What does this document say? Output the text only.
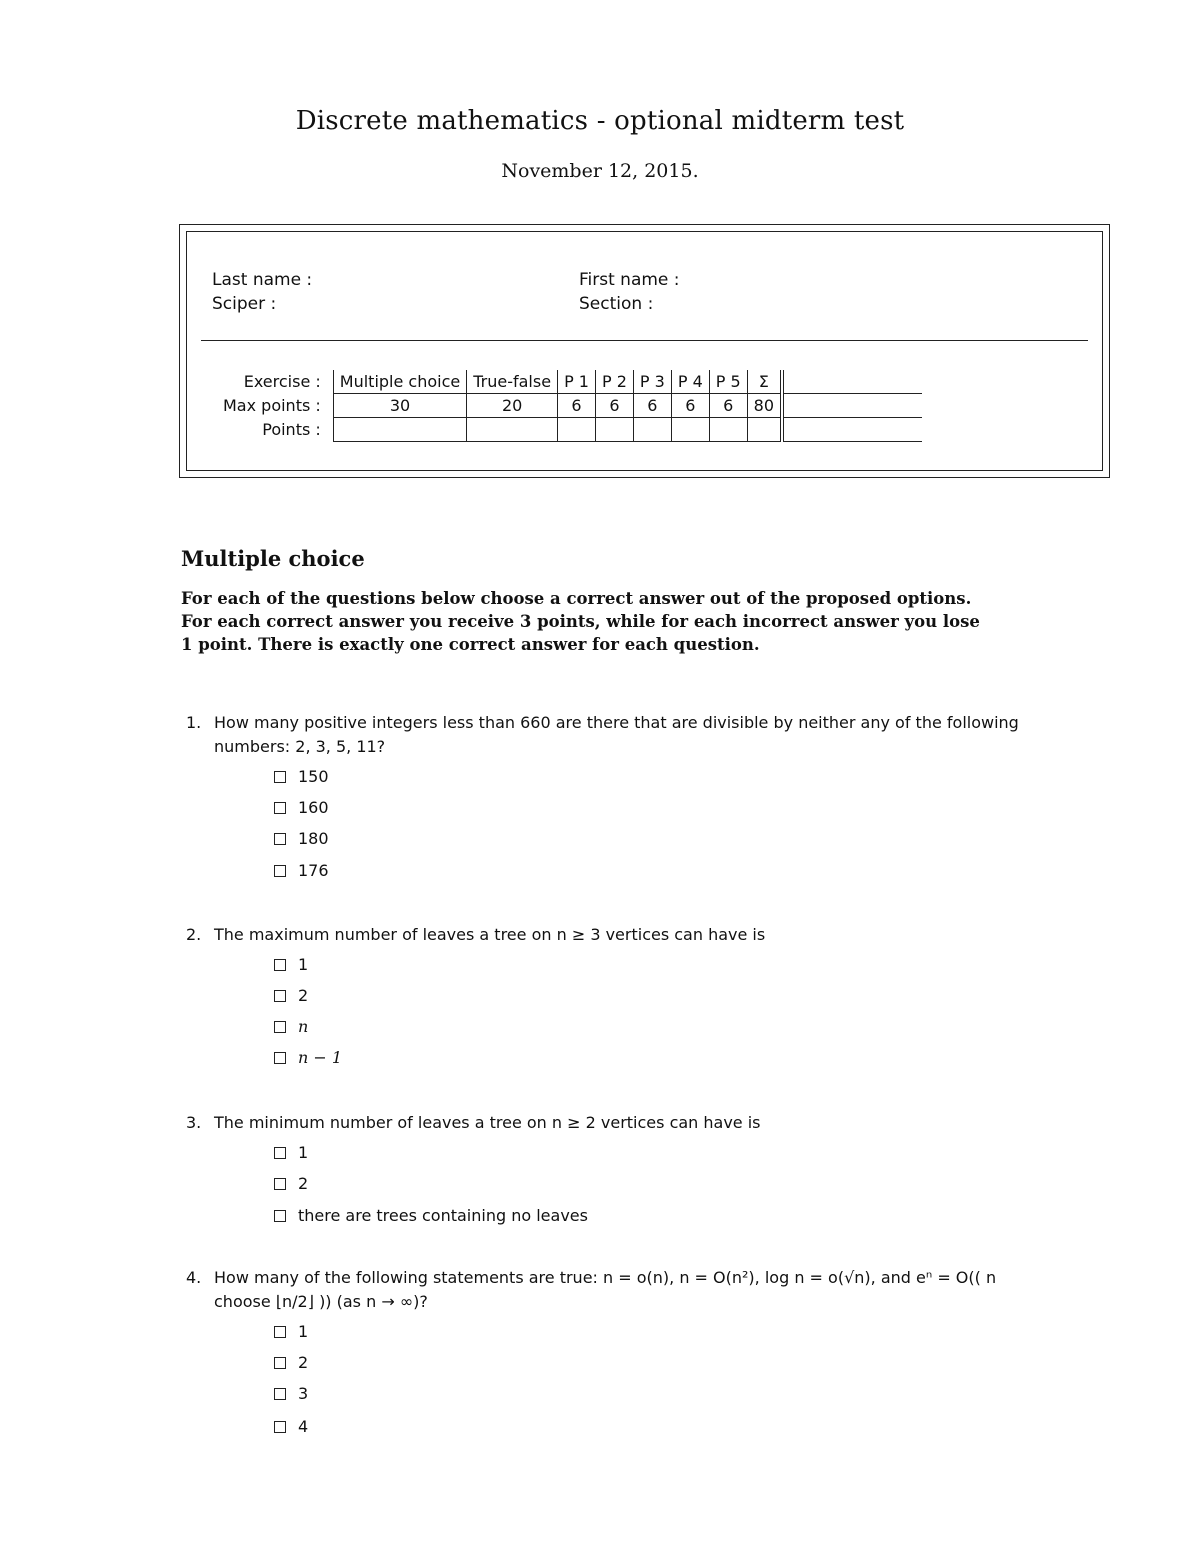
Discrete mathematics - optional midterm test
November 12, 2015.
Last name :	First name :
Sciper :	Section :
Exercise :	Multiple choice	True-false	P 1	P 2	P 3	P 4	P 5	Σ	
Max points :	30	20	6	6	6	6	6	80	
Points :									
Multiple choice
For each of the questions below choose a correct answer out of the proposed options.
For each correct answer you receive 3 points, while for each incorrect answer you lose
1 point. There is exactly one correct answer for each question.
1. How many positive integers less than 660 are there that are divisible by neither any of the following numbers: 2, 3, 5, 11?
150
160
180
176
2. The maximum number of leaves a tree on n ≥ 3 vertices can have is
1
2
n
n − 1
3. The minimum number of leaves a tree on n ≥ 2 vertices can have is
1
2
there are trees containing no leaves
4. How many of the following statements are true: n = o(n), n = O(n²), log n = o(√n), and eⁿ = O(( n choose ⌊n/2⌋ )) (as n → ∞)?
1
2
3
4
